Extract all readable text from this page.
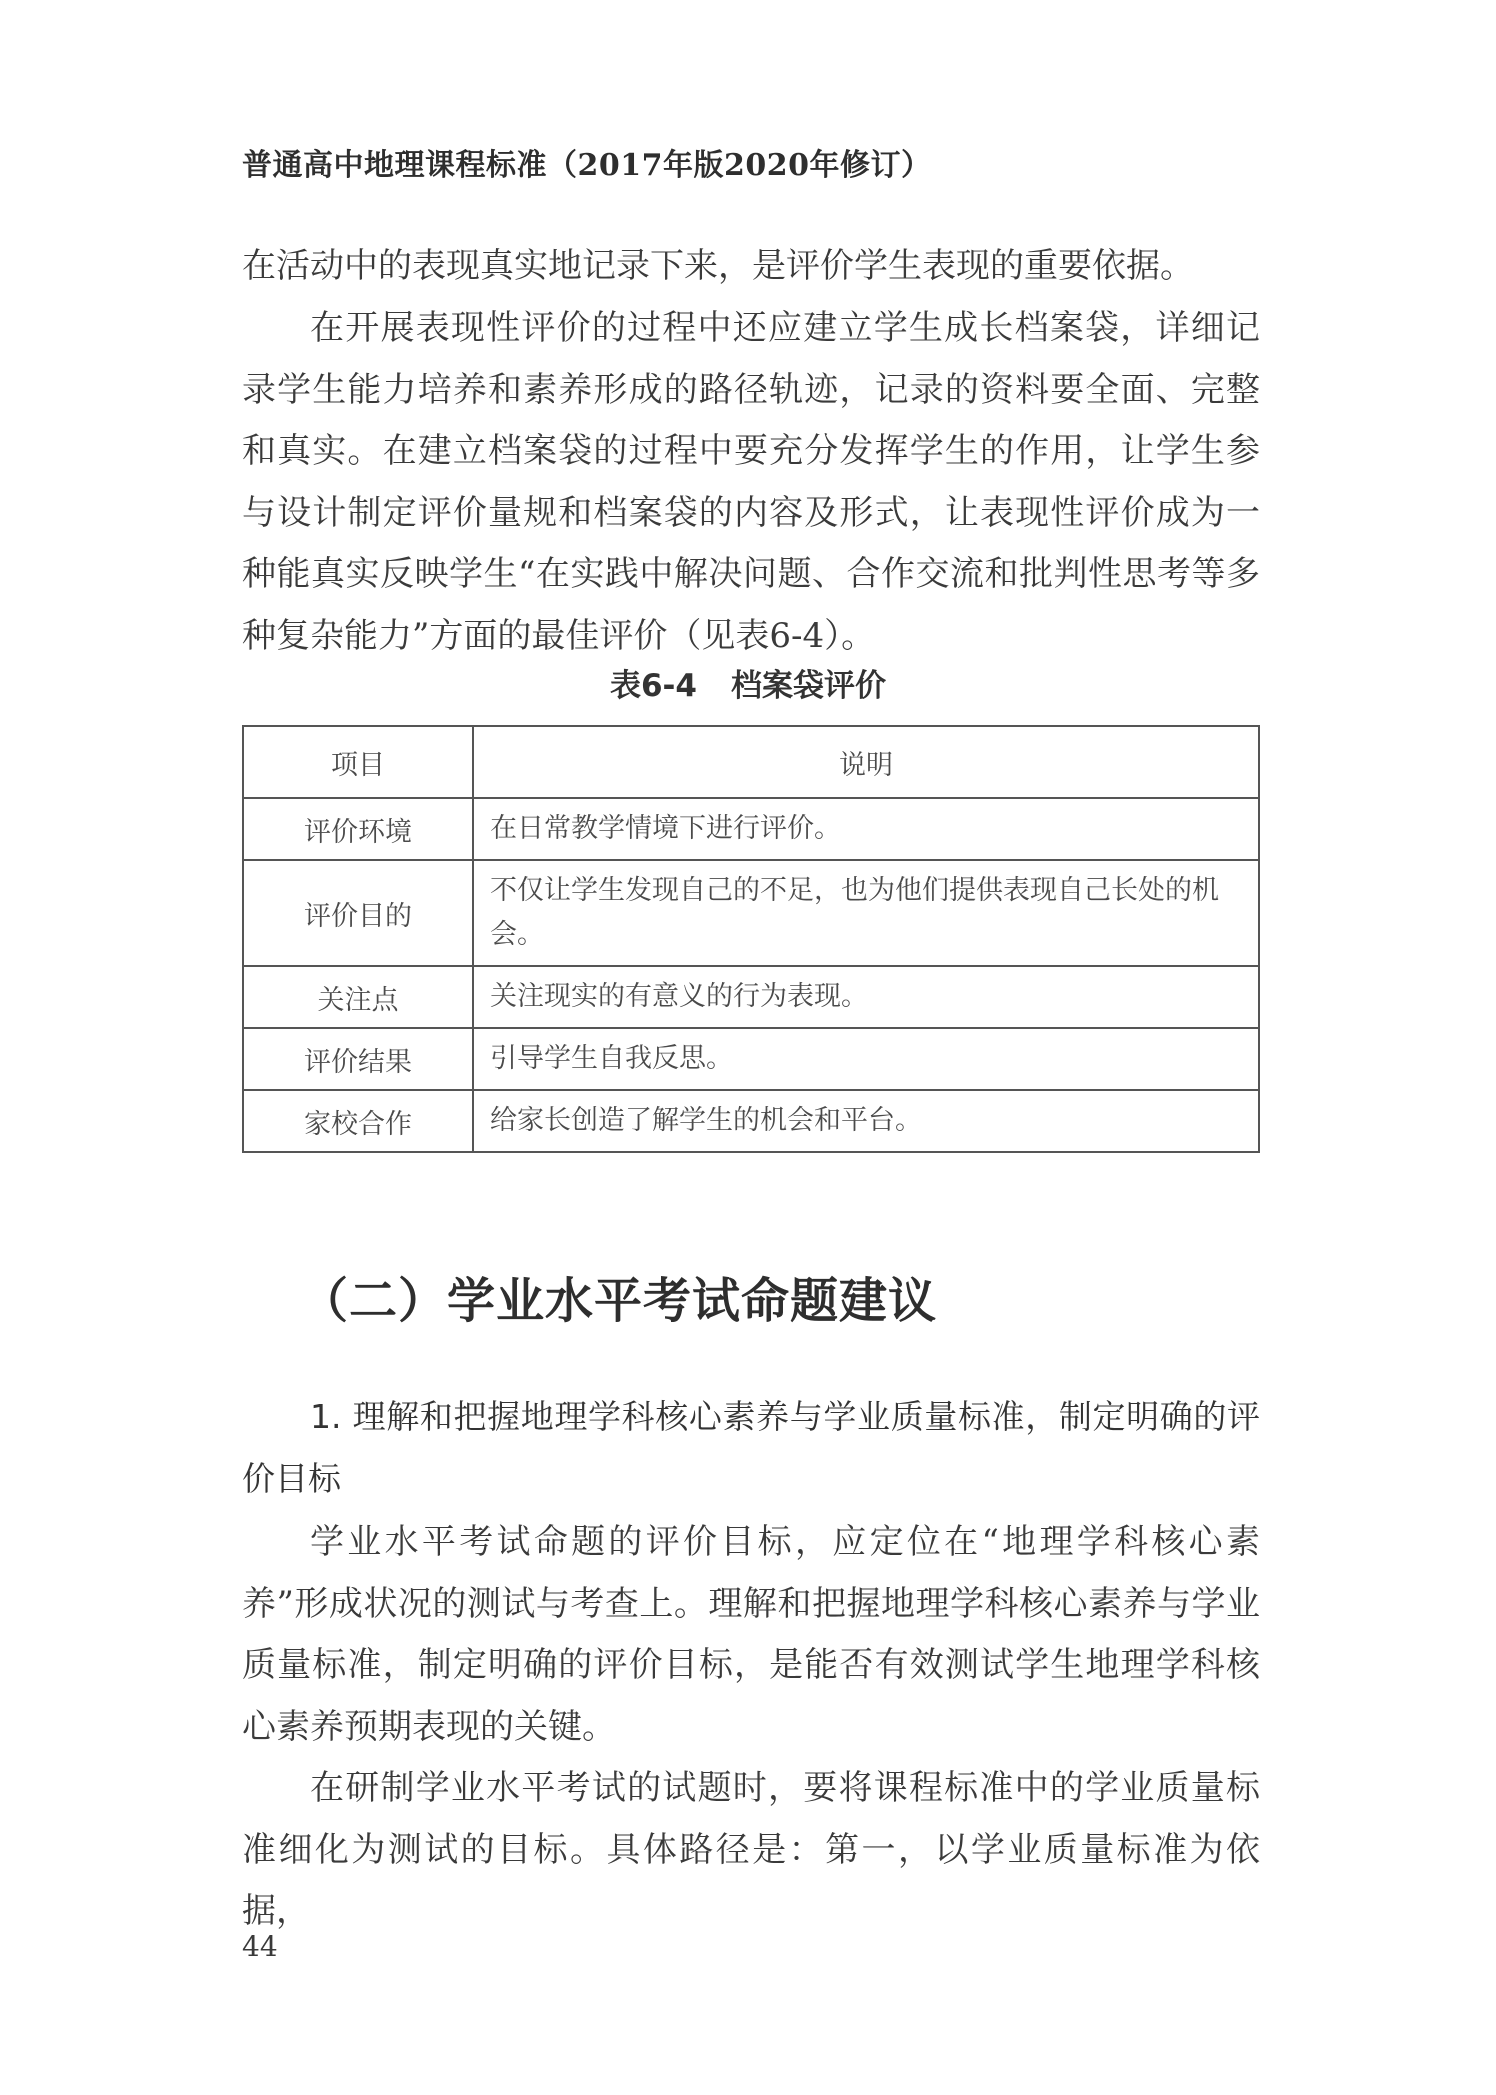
普通高中地理课程标准（2017年版2020年修订）

在活动中的表现真实地记录下来，是评价学生表现的重要依据。

在开展表现性评价的过程中还应建立学生成长档案袋，详细记录学生能力培养和素养形成的路径轨迹，记录的资料要全面、完整和真实。在建立档案袋的过程中要充分发挥学生的作用，让学生参与设计制定评价量规和档案袋的内容及形式，让表现性评价成为一种能真实反映学生“在实践中解决问题、合作交流和批判性思考等多种复杂能力”方面的最佳评价（见表6-4）。

表6-4 档案袋评价
项目	说明
评价环境	在日常教学情境下进行评价。
评价目的	不仅让学生发现自己的不足，也为他们提供表现自己长处的机会。
关注点	关注现实的有意义的行为表现。
评价结果	引导学生自我反思。
家校合作	给家长创造了解学生的机会和平台。
（二）学业水平考试命题建议

1. 理解和把握地理学科核心素养与学业质量标准，制定明确的评价目标

学业水平考试命题的评价目标，应定位在“地理学科核心素养”形成状况的测试与考查上。理解和把握地理学科核心素养与学业质量标准，制定明确的评价目标，是能否有效测试学生地理学科核心素养预期表现的关键。

在研制学业水平考试的试题时，要将课程标准中的学业质量标准细化为测试的目标。具体路径是：第一，以学业质量标准为依据，

44
